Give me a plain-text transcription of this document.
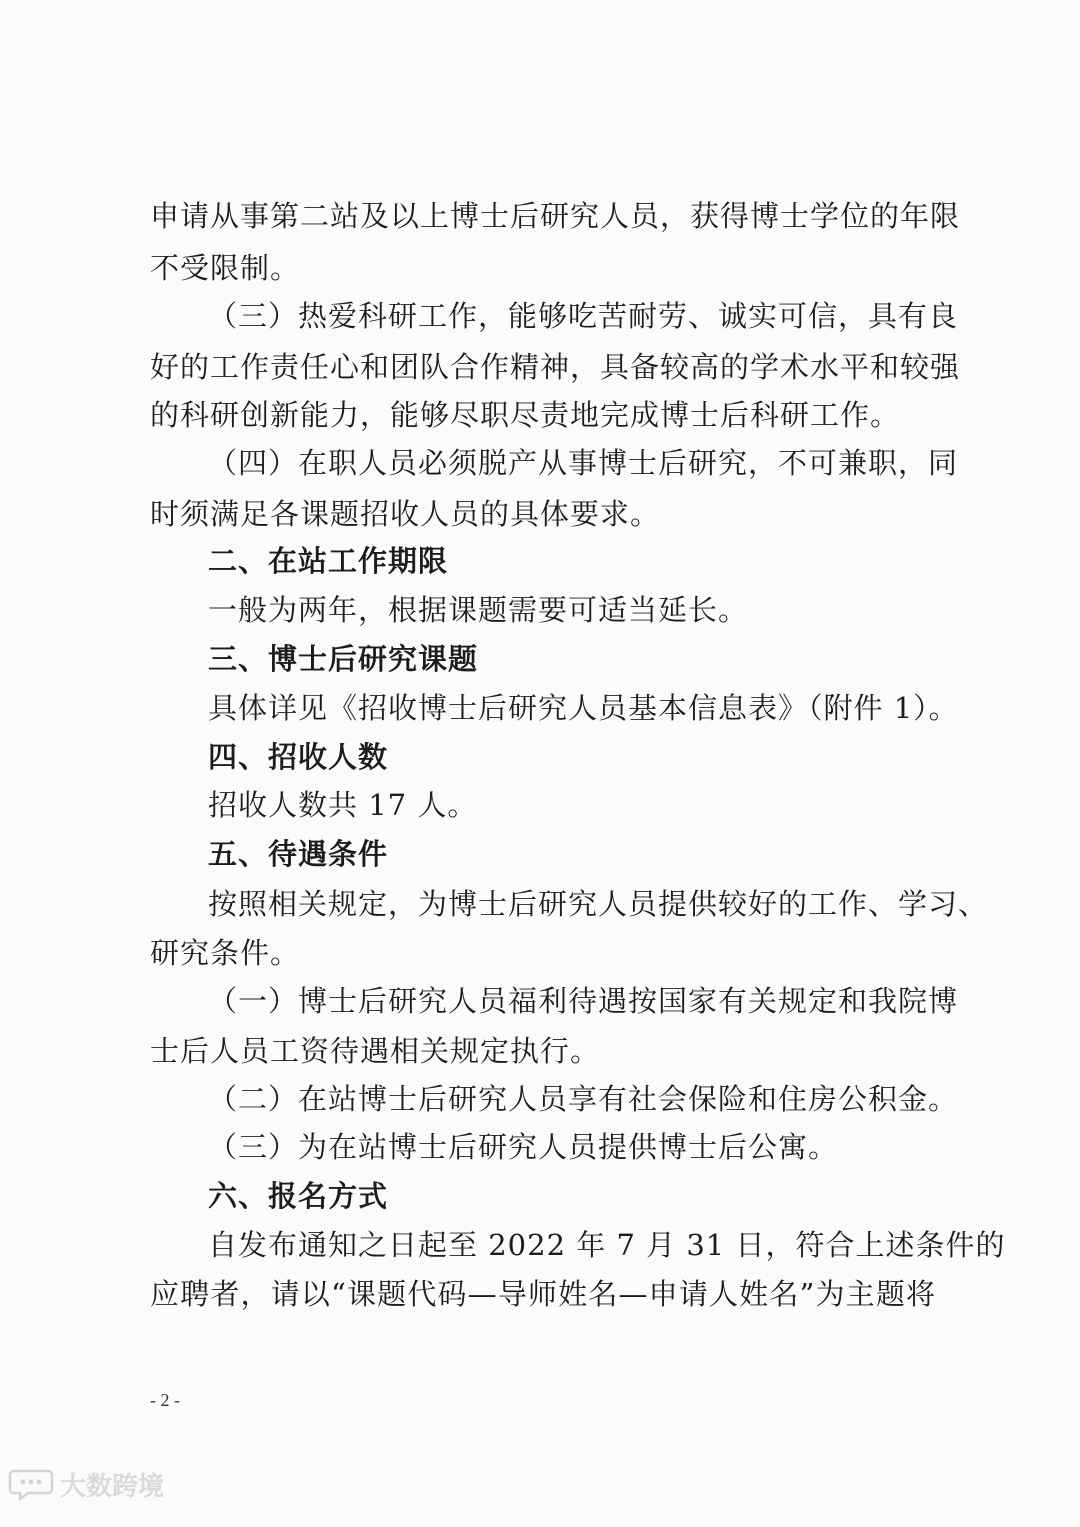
申请从事第二站及以上博士后研究人员，获得博士学位的年限
不受限制。
（三）热爱科研工作，能够吃苦耐劳、诚实可信，具有良
好的工作责任心和团队合作精神，具备较高的学术水平和较强
的科研创新能力，能够尽职尽责地完成博士后科研工作。
（四）在职人员必须脱产从事博士后研究，不可兼职，同
时须满足各课题招收人员的具体要求。
二、在站工作期限
一般为两年，根据课题需要可适当延长。
三、博士后研究课题
具体详见《招收博士后研究人员基本信息表》（附件 1）。
四、招收人数
招收人数共 17 人。
五、待遇条件
按照相关规定，为博士后研究人员提供较好的工作、学习、
研究条件。
（一）博士后研究人员福利待遇按国家有关规定和我院博
士后人员工资待遇相关规定执行。
（二）在站博士后研究人员享有社会保险和住房公积金。
（三）为在站博士后研究人员提供博士后公寓。
六、报名方式
自发布通知之日起至 2022 年 7 月 31 日，符合上述条件的
应聘者，请以“课题代码—导师姓名—申请人姓名”为主题将
- 2 -
大数跨境
